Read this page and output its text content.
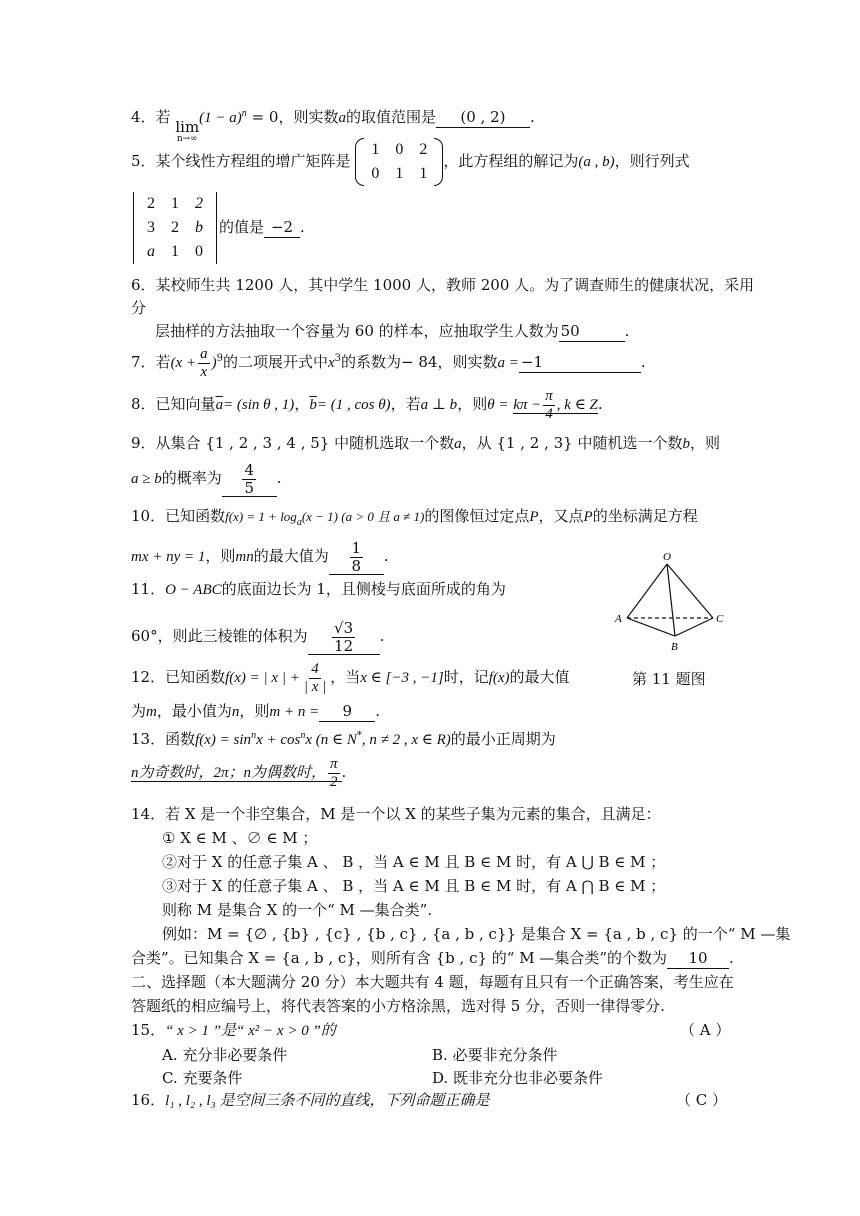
4．若
lim
n→∞
$(1 - a)^n = 0$，则实数a的取值范围是 (0 , 2) .
5．某个线性方程组的增广矩阵是
1	0	2
0	1	1
，此方程组的解记为(a , b)，则行列式
2	1	2
3	2	b
a	1	0
的值是 −2 .
6．某校师生共 1200 人，其中学生 1000 人，教师 200 人。为了调查师生的健康状况，采用
分
层抽样的方法抽取一个容量为 60 的样本，应抽取学生人数为 50	.
7．若$(x + \frac{a}{x} )^9$的二项展开式中$x^3$的系数为− 84，则实数a = −1	.
8．已知向量$\overline{a}= (\sin$ θ , 1)，$\overline{b}= (1$ , cos θ)，若a ⊥ b，则$\theta = k\pi - \frac{\pi}{4}$ , k ∈ Z.
9．从集合 {1 , 2 , 3 , 4 , 5} 中随机选取一个数a，从 {1 , 2 , 3} 中随机选一个数b，则
a ≥ b的概率为 $\frac{4}{5}$ .
10．已知函数$f(x) = 1 + \log_a(x - 1) (a > 0$ 且 a ≠ 1)的图像恒过定点P，又点P的坐标满足方程
mx + ny = 1，则mn的最大值为 $\frac{1}{8}$ .
11．O − ABC的底面边长为 1，且侧棱与底面所成的角为
60°，则此三棱锥的体积为 $\frac{√3}{12}$ .
O
A
B
C
第 11 题图
12．已知函数f(x) = | x | + $\frac{4}{| x |}$ ，当x ∈ [−3 , −1]时，记f(x)的最大值
为m，最小值为n，则m + n = 9 .
13．函数$f(x) = \sin^nx + \cos^nx$ (n ∈ N*, n ≠ 2 , x ∈ R)的最小正周期为
n为奇数时，2π；n为偶数时， $\frac{\pi}{2}$ .
14．若 X 是一个非空集合，M 是一个以 X 的某些子集为元素的集合，且满足：
① X ∈ M 、∅ ∈ M ；
②对于 X 的任意子集 A 、 B ，当 A ∈ M 且 B ∈ M 时，有 A ⋃ B ∈ M ；
③对于 X 的任意子集 A 、 B ，当 A ∈ M 且 B ∈ M 时，有 A ⋂ B ∈ M ；
则称 M 是集合 X 的一个“ M —集合类”.
例如：M = {∅ , {b} , {c} , {b , c} , {a , b , c}} 是集合 X = {a , b , c} 的一个“ M —集
合类”。已知集合 X = {a , b , c}，则所有含 {b , c} 的“ M —集合类”的个数为 10 .
二、选择题（本大题满分 20 分）本大题共有 4 题，每题有且只有一个正确答案，考生应在
答题纸的相应编号上，将代表答案的小方格涂黑，选对得 5 分，否则一律得零分.
15．“ x > 1 ”是“ x² − x > 0 ”的	（ A ）
A. 充分非必要条件	B. 必要非充分条件
C. 充要条件	D. 既非充分也非必要条件
16．l₁ , l₂ , l₃ 是空间三条不同的直线，下列命题正确是	（ C ）
